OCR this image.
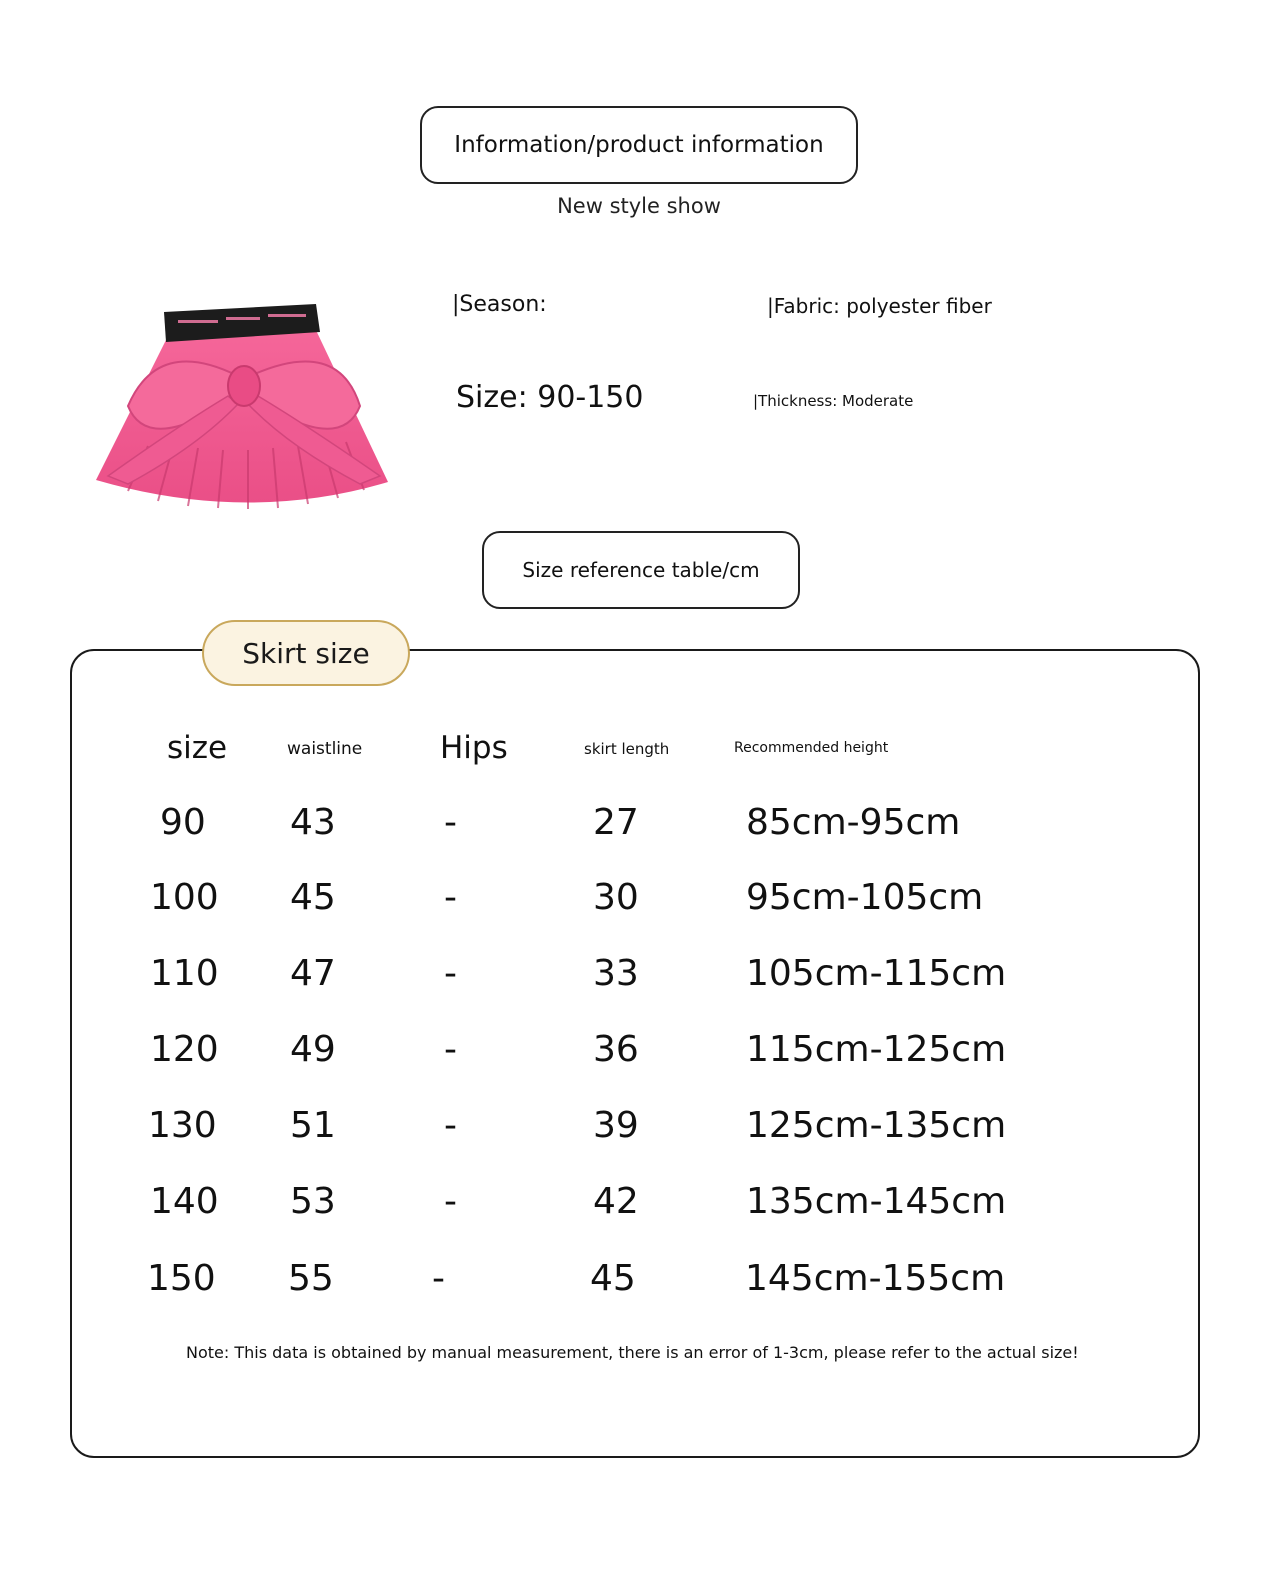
Information/product information
New style show
|Season:	|Fabric: polyester fiber
Size: 90-150	|Thickness: Moderate
Size reference table/cm
Skirt size
size	waistline	Hips	skirt length	Recommended height
90 43	-	27	85cm-95cm
100 45	-	30	95cm-105cm
110 47	-	33	105cm-115cm
120 49	-	36	115cm-125cm
130 51	-	39	125cm-135cm
140 53	-	42	135cm-145cm
150 55	-	45	145cm-155cm
Note: This data is obtained by manual measurement, there is an error of 1-3cm, please refer to the actual size!
